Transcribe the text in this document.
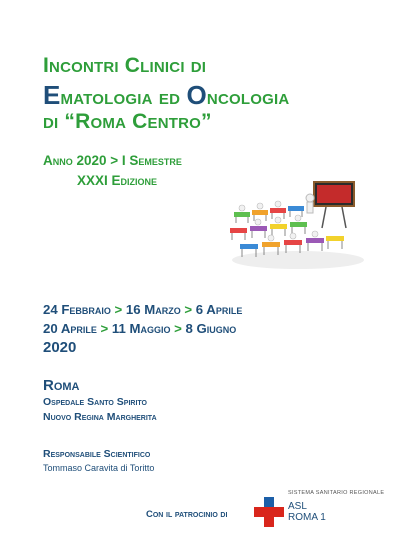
Incontri Clinici di
Ematologia ed Oncologia
di “Roma Centro”
Anno 2020 > I Semestre
XXXI Edizione
24 Febbraio > 16 Marzo > 6 Aprile
20 Aprile > 11 Maggio > 8 Giugno
2020
Roma
Ospedale Santo Spirito
Nuovo Regina Margherita
Responsabile Scientifico
Tommaso Caravita di Toritto
Con il patrocinio di
SISTEMA SANITARIO REGIONALE
ASL
ROMA 1
